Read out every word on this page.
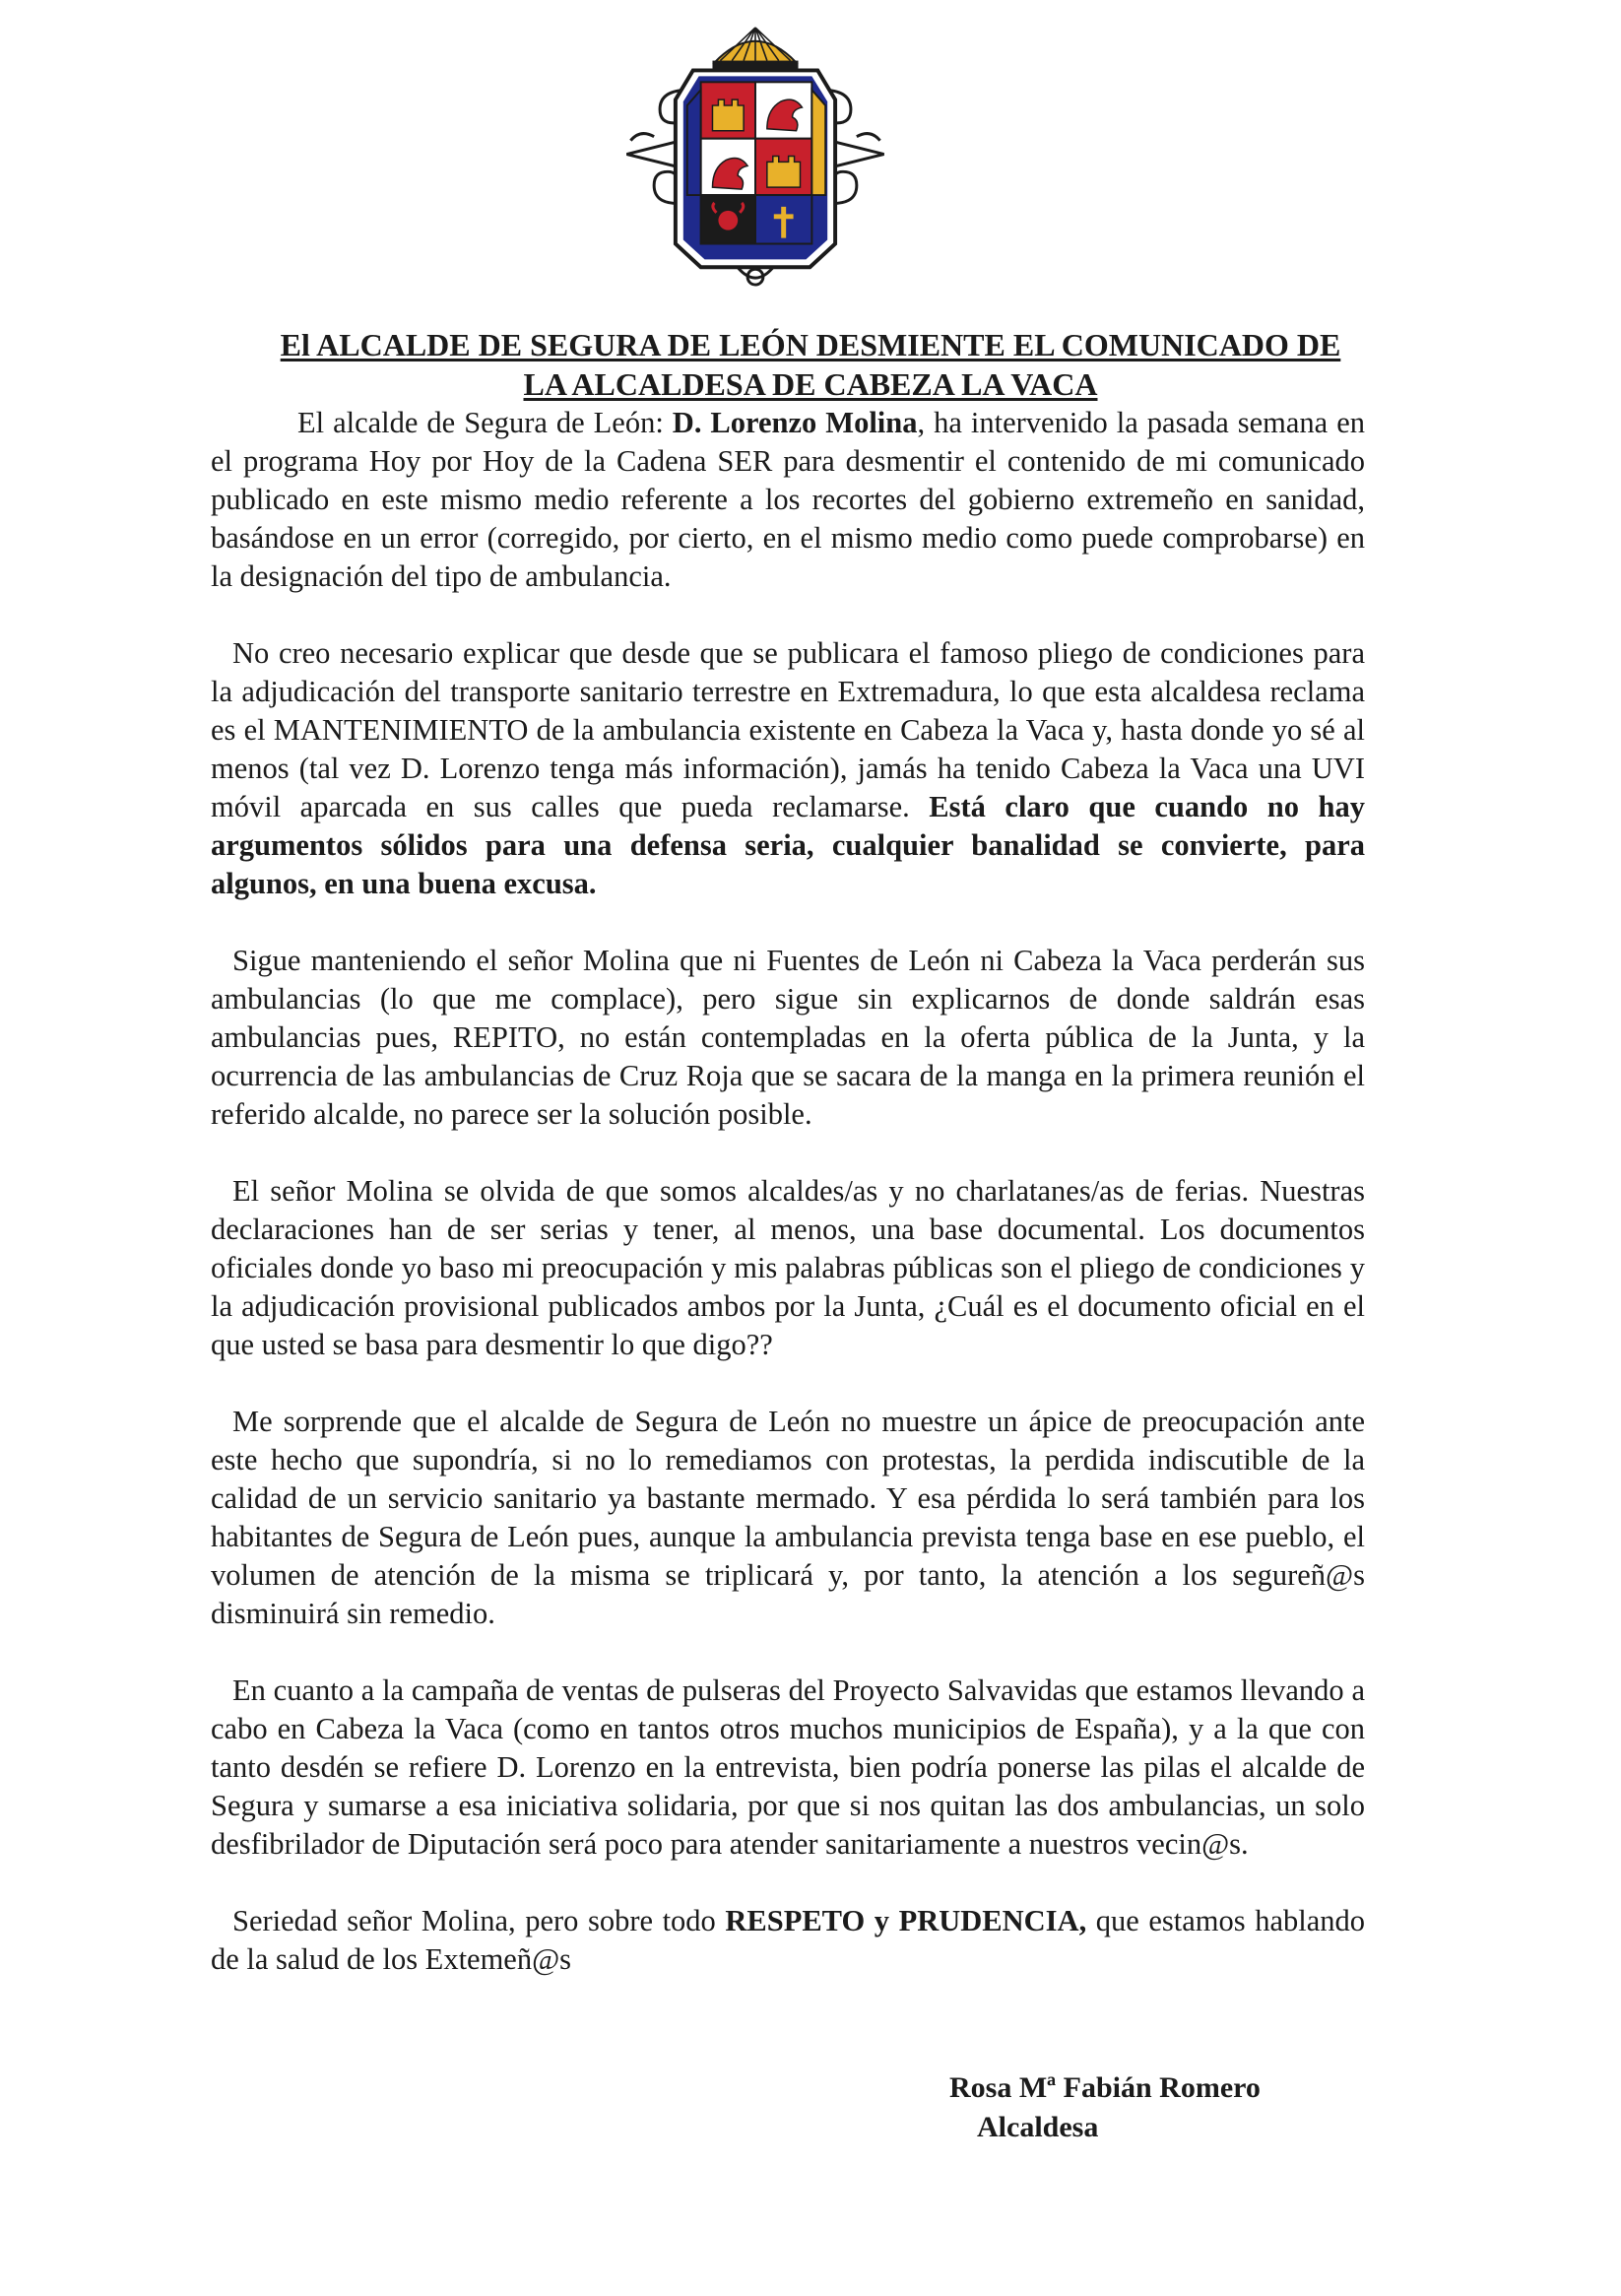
El ALCALDE DE SEGURA DE LEÓN DESMIENTE EL COMUNICADO DE
LA ALCALDESA DE CABEZA LA VACA

El alcalde de Segura de León: D. Lorenzo Molina, ha intervenido la pasada semana en el programa Hoy por Hoy de la Cadena SER para desmentir el contenido de mi comunicado publicado en este mismo medio referente a los recortes del gobierno extremeño en sanidad, basándose en un error (corregido, por cierto, en el mismo medio como puede comprobarse) en la designación del tipo de ambulancia.

No creo necesario explicar que desde que se publicara el famoso pliego de condiciones para la adjudicación del transporte sanitario terrestre en Extremadura, lo que esta alcaldesa reclama es el MANTENIMIENTO de la ambulancia existente en Cabeza la Vaca y, hasta donde yo sé al menos (tal vez D. Lorenzo tenga más información), jamás ha tenido Cabeza la Vaca una UVI móvil aparcada en sus calles que pueda reclamarse. Está claro que cuando no hay argumentos sólidos para una defensa seria, cualquier banalidad se convierte, para algunos, en una buena excusa.

Sigue manteniendo el señor Molina que ni Fuentes de León ni Cabeza la Vaca perderán sus ambulancias (lo que me complace), pero sigue sin explicarnos de donde saldrán esas ambulancias pues, REPITO, no están contempladas en la oferta pública de la Junta, y la ocurrencia de las ambulancias de Cruz Roja que se sacara de la manga en la primera reunión el referido alcalde, no parece ser la solución posible.

El señor Molina se olvida de que somos alcaldes/as y no charlatanes/as de ferias. Nuestras declaraciones han de ser serias y tener, al menos, una base documental. Los documentos oficiales donde yo baso mi preocupación y mis palabras públicas son el pliego de condiciones y la adjudicación provisional publicados ambos por la Junta, ¿Cuál es el documento oficial en el que usted se basa para desmentir lo que digo??

Me sorprende que el alcalde de Segura de León no muestre un ápice de preocupación ante este hecho que supondría, si no lo remediamos con protestas, la perdida indiscutible de la calidad de un servicio sanitario ya bastante mermado. Y esa pérdida lo será también para los habitantes de Segura de León pues, aunque la ambulancia prevista tenga base en ese pueblo, el volumen de atención de la misma se triplicará y, por tanto, la atención a los segureñ@s disminuirá sin remedio.

En cuanto a la campaña de ventas de pulseras del Proyecto Salvavidas que estamos llevando a cabo en Cabeza la Vaca (como en tantos otros muchos municipios de España), y a la que con tanto desdén se refiere D. Lorenzo en la entrevista, bien podría ponerse las pilas el alcalde de Segura y sumarse a esa iniciativa solidaria, por que si nos quitan las dos ambulancias, un solo desfibrilador de Diputación será poco para atender sanitariamente a nuestros vecin@s.

Seriedad señor Molina, pero sobre todo RESPETO y PRUDENCIA, que estamos hablando de la salud de los Extemeñ@s

Rosa Mª Fabián Romero
Alcaldesa
